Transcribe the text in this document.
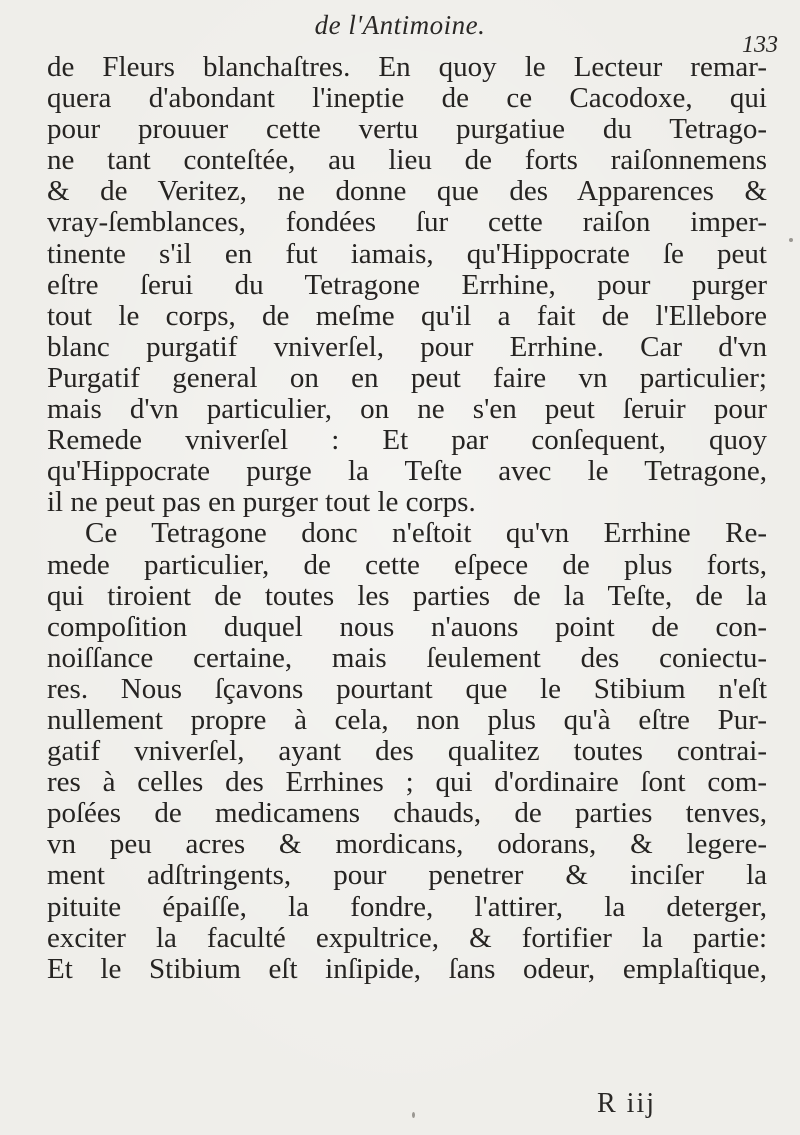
de l'Antimoine.
133
de Fleurs blanchaſtres. En quoy le Lecteur remar-
quera d'abondant l'ineptie de ce Cacodoxe, qui
pour prouuer cette vertu purgatiue du Tetrago-
ne tant conteſtée, au lieu de forts raiſonnemens
& de Veritez, ne donne que des Apparences &
vray-ſemblances, fondées ſur cette raiſon imper-
tinente s'il en fut iamais, qu'Hippocrate ſe peut
eſtre ſerui du Tetragone Errhine, pour purger
tout le corps, de meſme qu'il a fait de l'Ellebore
blanc purgatif vniverſel, pour Errhine. Car d'vn
Purgatif general on en peut faire vn particulier;
mais d'vn particulier, on ne s'en peut ſeruir pour
Remede vniverſel : Et par conſequent, quoy
qu'Hippocrate purge la Teſte avec le Tetragone,
il ne peut pas en purger tout le corps.
Ce Tetragone donc n'eſtoit qu'vn Errhine Re-
mede particulier, de cette eſpece de plus forts,
qui tiroient de toutes les parties de la Teſte, de la
compoſition duquel nous n'auons point de con-
noiſſance certaine, mais ſeulement des coniectu-
res. Nous ſçavons pourtant que le Stibium n'eſt
nullement propre à cela, non plus qu'à eſtre Pur-
gatif vniverſel, ayant des qualitez toutes contrai-
res à celles des Errhines ; qui d'ordinaire ſont com-
poſées de medicamens chauds, de parties tenves,
vn peu acres & mordicans, odorans, & legere-
ment adſtringents, pour penetrer & inciſer la
pituite épaiſſe, la fondre, l'attirer, la deterger,
exciter la faculté expultrice, & fortifier la partie:
Et le Stibium eſt inſipide, ſans odeur, emplaſtique,
R iij
